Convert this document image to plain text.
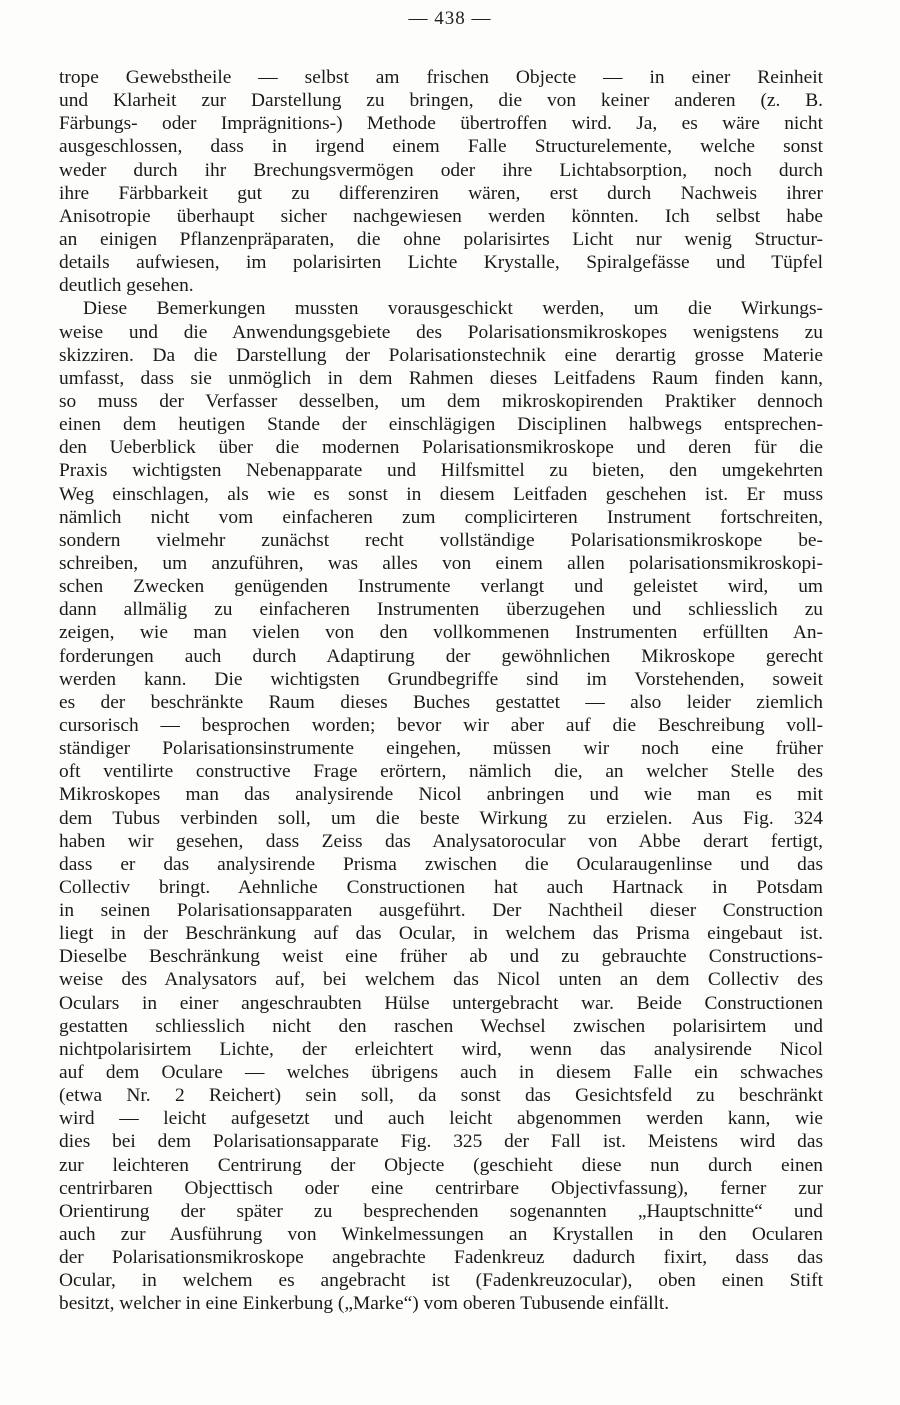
— 438 —
trope Gewebstheile — selbst am frischen Objecte — in einer Reinheit
und Klarheit zur Darstellung zu bringen, die von keiner anderen (z. B.
Färbungs- oder Imprägnitions-) Methode übertroffen wird. Ja, es wäre nicht
ausgeschlossen, dass in irgend einem Falle Structurelemente, welche sonst
weder durch ihr Brechungsvermögen oder ihre Lichtabsorption, noch durch
ihre Färbbarkeit gut zu differenziren wären, erst durch Nachweis ihrer
Anisotropie überhaupt sicher nachgewiesen werden könnten. Ich selbst habe
an einigen Pflanzenpräparaten, die ohne polarisirtes Licht nur wenig Structur-
details aufwiesen, im polarisirten Lichte Krystalle, Spiralgefässe und Tüpfel
deutlich gesehen.
Diese Bemerkungen mussten vorausgeschickt werden, um die Wirkungs-
weise und die Anwendungsgebiete des Polarisationsmikroskopes wenigstens zu
skizziren. Da die Darstellung der Polarisationstechnik eine derartig grosse Materie
umfasst, dass sie unmöglich in dem Rahmen dieses Leitfadens Raum finden kann,
so muss der Verfasser desselben, um dem mikroskopirenden Praktiker dennoch
einen dem heutigen Stande der einschlägigen Disciplinen halbwegs entsprechen-
den Ueberblick über die modernen Polarisationsmikroskope und deren für die
Praxis wichtigsten Nebenapparate und Hilfsmittel zu bieten, den umgekehrten
Weg einschlagen, als wie es sonst in diesem Leitfaden geschehen ist. Er muss
nämlich nicht vom einfacheren zum complicirteren Instrument fortschreiten,
sondern vielmehr zunächst recht vollständige Polarisationsmikroskope be-
schreiben, um anzuführen, was alles von einem allen polarisationsmikroskopi-
schen Zwecken genügenden Instrumente verlangt und geleistet wird, um
dann allmälig zu einfacheren Instrumenten überzugehen und schliesslich zu
zeigen, wie man vielen von den vollkommenen Instrumenten erfüllten An-
forderungen auch durch Adaptirung der gewöhnlichen Mikroskope gerecht
werden kann. Die wichtigsten Grundbegriffe sind im Vorstehenden, soweit
es der beschränkte Raum dieses Buches gestattet — also leider ziemlich
cursorisch — besprochen worden; bevor wir aber auf die Beschreibung voll-
ständiger Polarisationsinstrumente eingehen, müssen wir noch eine früher
oft ventilirte constructive Frage erörtern, nämlich die, an welcher Stelle des
Mikroskopes man das analysirende Nicol anbringen und wie man es mit
dem Tubus verbinden soll, um die beste Wirkung zu erzielen. Aus Fig. 324
haben wir gesehen, dass Zeiss das Analysatorocular von Abbe derart fertigt,
dass er das analysirende Prisma zwischen die Ocularaugenlinse und das
Collectiv bringt. Aehnliche Constructionen hat auch Hartnack in Potsdam
in seinen Polarisationsapparaten ausgeführt. Der Nachtheil dieser Construction
liegt in der Beschränkung auf das Ocular, in welchem das Prisma eingebaut ist.
Dieselbe Beschränkung weist eine früher ab und zu gebrauchte Constructions-
weise des Analysators auf, bei welchem das Nicol unten an dem Collectiv des
Oculars in einer angeschraubten Hülse untergebracht war. Beide Constructionen
gestatten schliesslich nicht den raschen Wechsel zwischen polarisirtem und
nichtpolarisirtem Lichte, der erleichtert wird, wenn das analysirende Nicol
auf dem Oculare — welches übrigens auch in diesem Falle ein schwaches
(etwa Nr. 2 Reichert) sein soll, da sonst das Gesichtsfeld zu beschränkt
wird — leicht aufgesetzt und auch leicht abgenommen werden kann, wie
dies bei dem Polarisationsapparate Fig. 325 der Fall ist. Meistens wird das
zur leichteren Centrirung der Objecte (geschieht diese nun durch einen
centrirbaren Objecttisch oder eine centrirbare Objectivfassung), ferner zur
Orientirung der später zu besprechenden sogenannten „Hauptschnitte“ und
auch zur Ausführung von Winkelmessungen an Krystallen in den Ocularen
der Polarisationsmikroskope angebrachte Fadenkreuz dadurch fixirt, dass das
Ocular, in welchem es angebracht ist (Fadenkreuzocular), oben einen Stift
besitzt, welcher in eine Einkerbung („Marke“) vom oberen Tubusende einfällt.
